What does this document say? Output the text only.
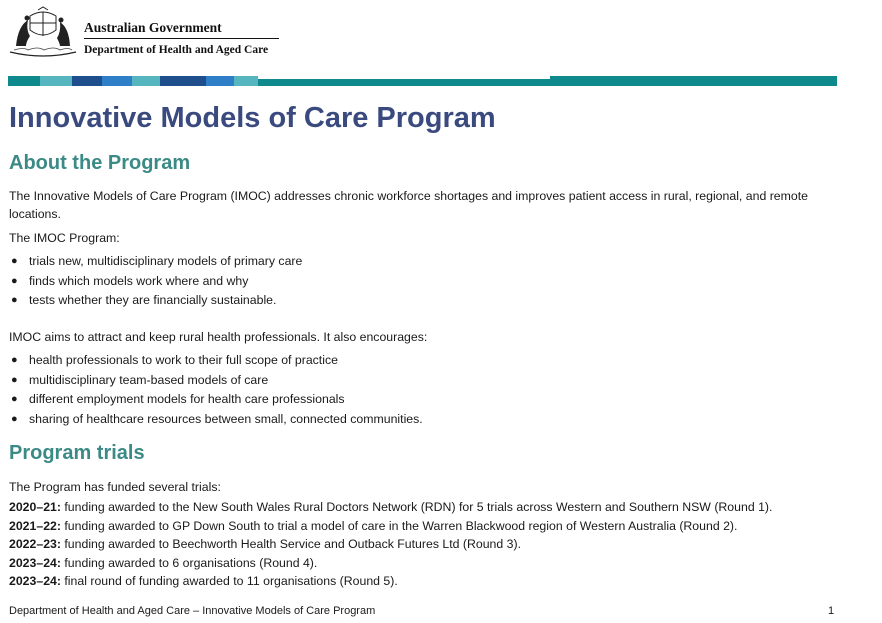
Australian Government
Department of Health and Aged Care
Innovative Models of Care Program
About the Program

The Innovative Models of Care Program (IMOC) addresses chronic workforce shortages and improves patient access in rural, regional, and remote locations.

The IMOC Program:

● trials new, multidisciplinary models of primary care
● finds which models work where and why
● tests whether they are financially sustainable.

IMOC aims to attract and keep rural health professionals. It also encourages:

● health professionals to work to their full scope of practice
● multidisciplinary team-based models of care
● different employment models for health care professionals
● sharing of healthcare resources between small, connected communities.
Program trials

The Program has funded several trials:

2020–21: funding awarded to the New South Wales Rural Doctors Network (RDN) for 5 trials across Western and Southern NSW (Round 1).
2021–22: funding awarded to GP Down South to trial a model of care in the Warren Blackwood region of Western Australia (Round 2).
2022–23: funding awarded to Beechworth Health Service and Outback Futures Ltd (Round 3).
2023–24: funding awarded to 6 organisations (Round 4).
2023–24: final round of funding awarded to 11 organisations (Round 5).
Department of Health and Aged Care – Innovative Models of Care Program	1
